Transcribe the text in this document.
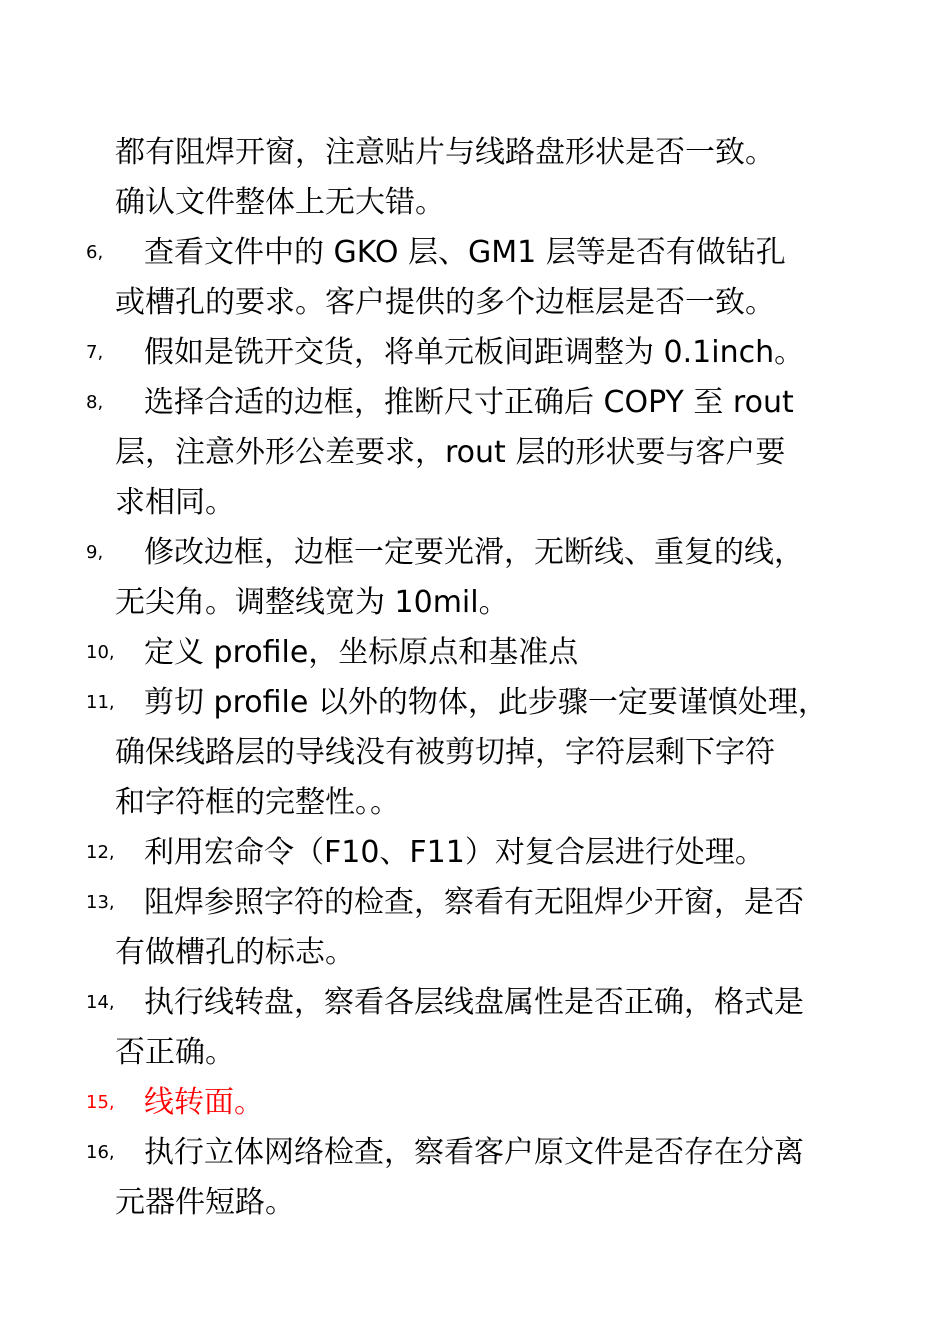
都有阻焊开窗，注意贴片与线路盘形状是否一致。
确认文件整体上无大错。
6, 查看文件中的 GKO 层、GM1 层等是否有做钻孔
或槽孔的要求。客户提供的多个边框层是否一致。
7, 假如是铣开交货，将单元板间距调整为 0.1inch。
8, 选择合适的边框，推断尺寸正确后 COPY 至 rout
层，注意外形公差要求，rout 层的形状要与客户要
求相同。
9, 修改边框，边框一定要光滑，无断线、重复的线，
无尖角。调整线宽为 10mil。
10, 定义 profile，坐标原点和基准点
11, 剪切 profile 以外的物体，此步骤一定要谨慎处理，
确保线路层的导线没有被剪切掉，字符层剩下字符
和字符框的完整性。。
12, 利用宏命令（F10、F11）对复合层进行处理。
13, 阻焊参照字符的检查，察看有无阻焊少开窗，是否
有做槽孔的标志。
14, 执行线转盘，察看各层线盘属性是否正确，格式是
否正确。
15, 线转面。
16, 执行立体网络检查，察看客户原文件是否存在分离
元器件短路。
